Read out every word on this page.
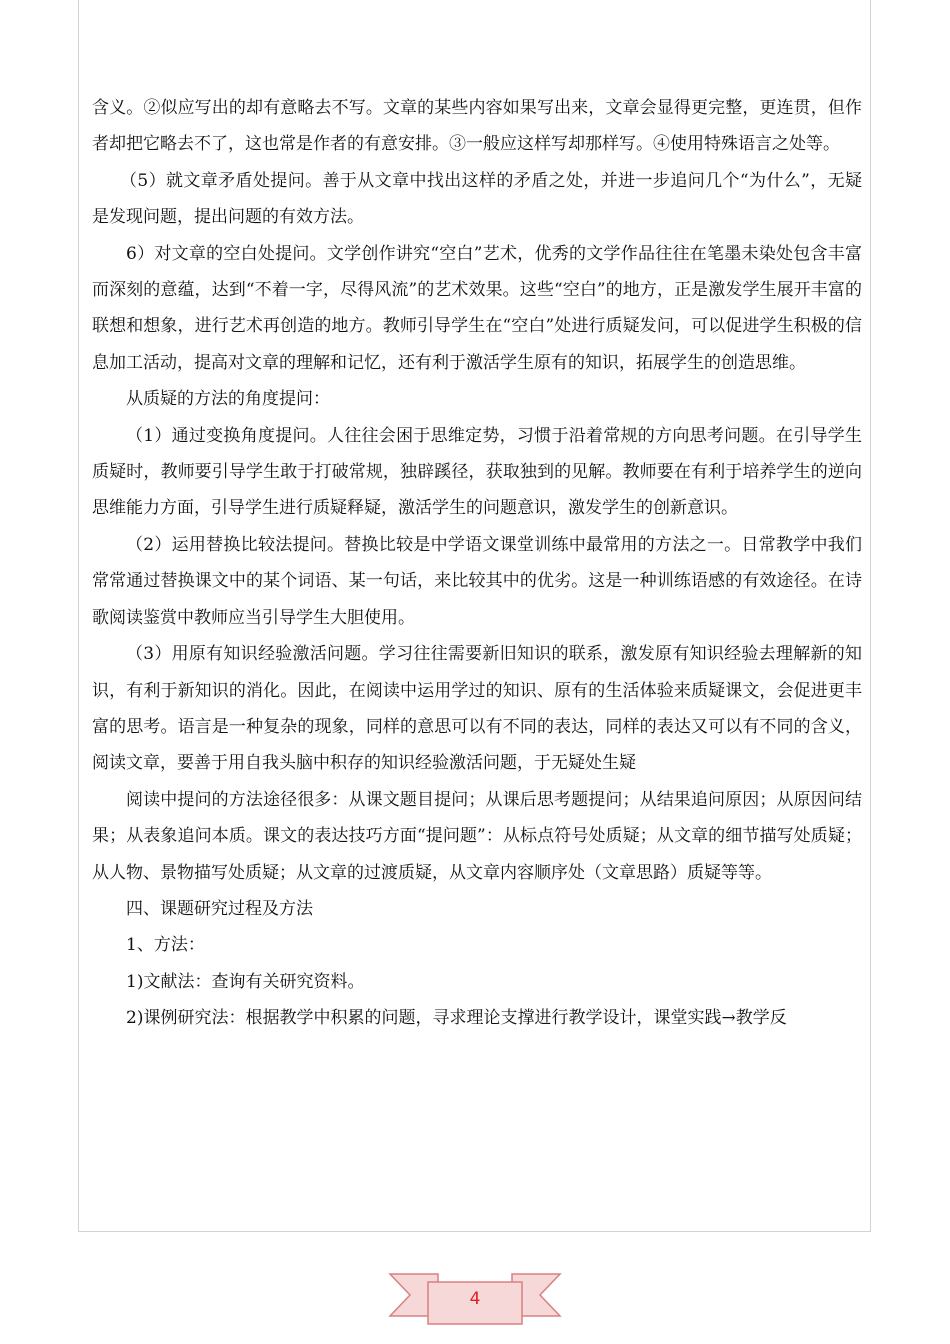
含义。②似应写出的却有意略去不写。文章的某些内容如果写出来，文章会显得更完整，更连贯，但作者却把它略去不了，这也常是作者的有意安排。③一般应这样写却那样写。④使用特殊语言之处等。

（5）就文章矛盾处提问。善于从文章中找出这样的矛盾之处，并进一步追问几个“为什么”，无疑是发现问题，提出问题的有效方法。

6）对文章的空白处提问。文学创作讲究“空白”艺术，优秀的文学作品往往在笔墨未染处包含丰富而深刻的意蕴，达到“不着一字，尽得风流”的艺术效果。这些“空白”的地方，正是激发学生展开丰富的联想和想象，进行艺术再创造的地方。教师引导学生在“空白”处进行质疑发问，可以促进学生积极的信息加工活动，提高对文章的理解和记忆，还有利于激活学生原有的知识，拓展学生的创造思维。

从质疑的方法的角度提问：

（1）通过变换角度提问。人往往会困于思维定势，习惯于沿着常规的方向思考问题。在引导学生质疑时，教师要引导学生敢于打破常规，独辟蹊径，获取独到的见解。教师要在有利于培养学生的逆向思维能力方面，引导学生进行质疑释疑，激活学生的问题意识，激发学生的创新意识。

（2）运用替换比较法提问。替换比较是中学语文课堂训练中最常用的方法之一。日常教学中我们常常通过替换课文中的某个词语、某一句话，来比较其中的优劣。这是一种训练语感的有效途径。在诗歌阅读鉴赏中教师应当引导学生大胆使用。

（3）用原有知识经验激活问题。学习往往需要新旧知识的联系，激发原有知识经验去理解新的知识，有利于新知识的消化。因此，在阅读中运用学过的知识、原有的生活体验来质疑课文，会促进更丰富的思考。语言是一种复杂的现象，同样的意思可以有不同的表达，同样的表达又可以有不同的含义，阅读文章，要善于用自我头脑中积存的知识经验激活问题，于无疑处生疑

阅读中提问的方法途径很多：从课文题目提问；从课后思考题提问；从结果追问原因；从原因问结果；从表象追问本质。课文的表达技巧方面“提问题”：从标点符号处质疑；从文章的细节描写处质疑；从人物、景物描写处质疑；从文章的过渡质疑，从文章内容顺序处（文章思路）质疑等等。

四、课题研究过程及方法

1、方法：

1)文献法：查询有关研究资料。

2)课例研究法：根据教学中积累的问题，寻求理论支撑进行教学设计，课堂实践→教学反

4
